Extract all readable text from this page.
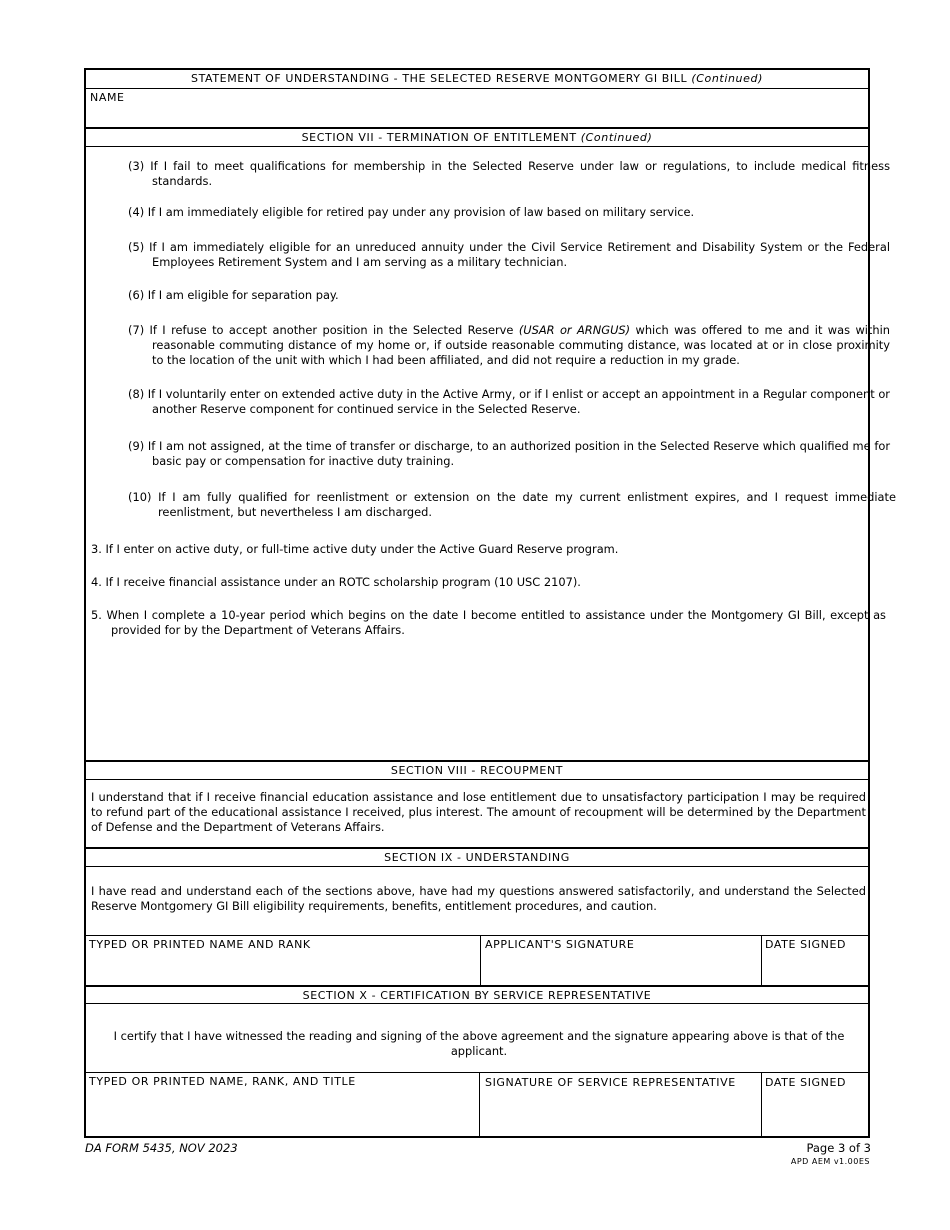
STATEMENT OF UNDERSTANDING - THE SELECTED RESERVE MONTGOMERY GI BILL (Continued)
NAME
SECTION VII - TERMINATION OF ENTITLEMENT (Continued)

(3) If I fail to meet qualifications for membership in the Selected Reserve under law or regulations, to include medical fitness standards.

(4) If I am immediately eligible for retired pay under any provision of law based on military service.

(5) If I am immediately eligible for an unreduced annuity under the Civil Service Retirement and Disability System or the Federal Employees Retirement System and I am serving as a military technician.

(6) If I am eligible for separation pay.

(7) If I refuse to accept another position in the Selected Reserve (USAR or ARNGUS) which was offered to me and it was within reasonable commuting distance of my home or, if outside reasonable commuting distance, was located at or in close proximity to the location of the unit with which I had been affiliated, and did not require a reduction in my grade.

(8) If I voluntarily enter on extended active duty in the Active Army, or if I enlist or accept an appointment in a Regular component or another Reserve component for continued service in the Selected Reserve.

(9) If I am not assigned, at the time of transfer or discharge, to an authorized position in the Selected Reserve which qualified me for basic pay or compensation for inactive duty training.

(10) If I am fully qualified for reenlistment or extension on the date my current enlistment expires, and I request immediate reenlistment, but nevertheless I am discharged.

3. If I enter on active duty, or full-time active duty under the Active Guard Reserve program.

4. If I receive financial assistance under an ROTC scholarship program (10 USC 2107).

5. When I complete a 10-year period which begins on the date I become entitled to assistance under the Montgomery GI Bill, except as provided for by the Department of Veterans Affairs.

SECTION VIII - RECOUPMENT

I understand that if I receive financial education assistance and lose entitlement due to unsatisfactory participation I may be required to refund part of the educational assistance I received, plus interest. The amount of recoupment will be determined by the Department of Defense and the Department of Veterans Affairs.

SECTION IX - UNDERSTANDING

I have read and understand each of the sections above, have had my questions answered satisfactorily, and understand the Selected Reserve Montgomery GI Bill eligibility requirements, benefits, entitlement procedures, and caution.

TYPED OR PRINTED NAME AND RANK	APPLICANT'S SIGNATURE	DATE SIGNED
SECTION X - CERTIFICATION BY SERVICE REPRESENTATIVE

I certify that I have witnessed the reading and signing of the above agreement and the signature appearing above is that of the applicant.

TYPED OR PRINTED NAME, RANK, AND TITLE	SIGNATURE OF SERVICE REPRESENTATIVE	DATE SIGNED
DA FORM 5435, NOV 2023	Page 3 of 3
APD AEM v1.00ES
